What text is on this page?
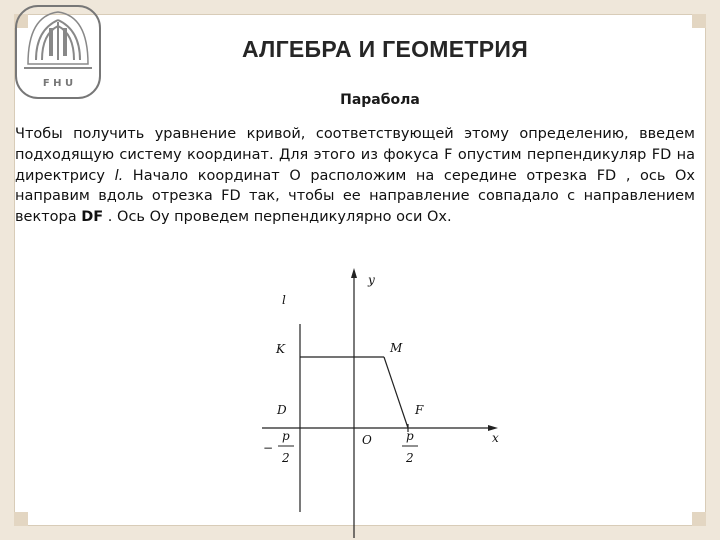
F H U
АЛГЕБРА И ГЕОМЕТРИЯ
Парабола
Чтобы получить уравнение кривой, соответствующей этому определению, введем подходящую систему координат. Для этого из фокуса F опустим перпендикуляр FD на директрису l. Начало координат О расположим на середине отрезка FD , ось Ох направим вдоль отрезка FD так, чтобы ее направление совпадало с направлением вектора DF . Ось Оy проведем перпендикулярно оси Ох.
y
x
l
K	M
D	F
O
−
p
2
p
2
